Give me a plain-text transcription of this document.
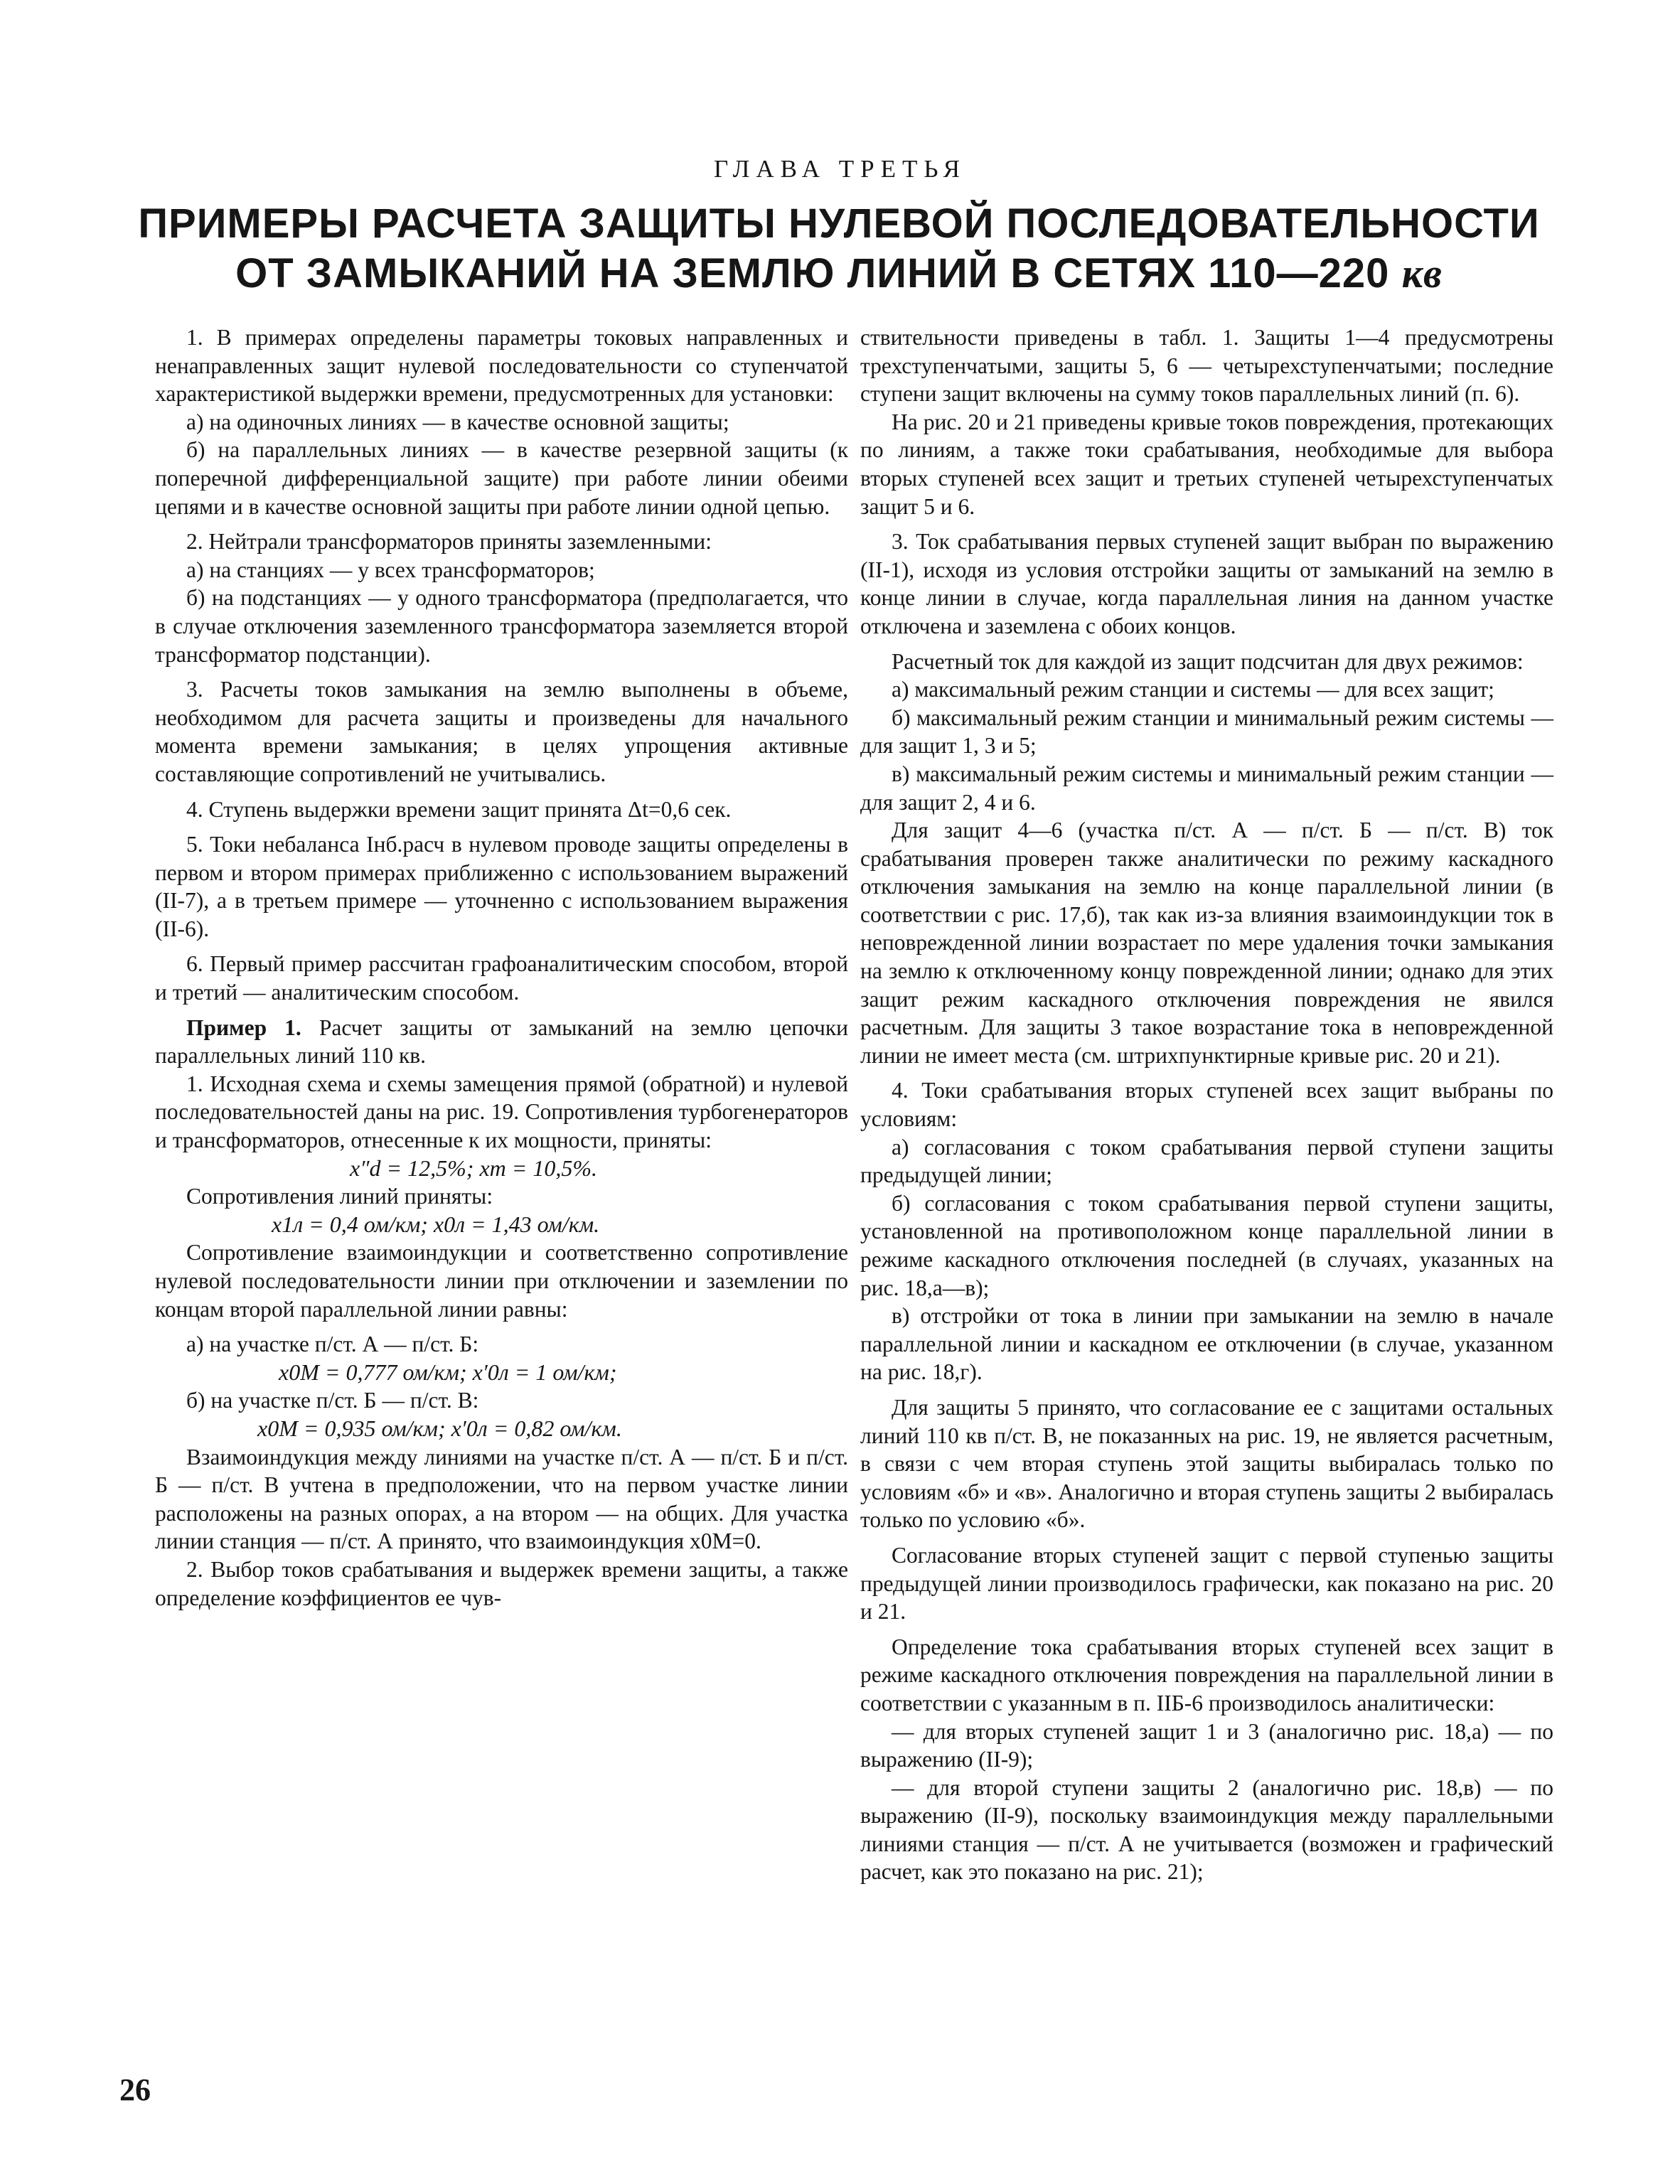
ГЛАВА ТРЕТЬЯ
ПРИМЕРЫ РАСЧЕТА ЗАЩИТЫ НУЛЕВОЙ ПОСЛЕДОВАТЕЛЬНОСТИ
ОТ ЗАМЫКАНИЙ НА ЗЕМЛЮ ЛИНИЙ В СЕТЯХ 110—220 кв

1. В примерах определены параметры токовых направленных и ненаправленных защит нулевой последовательности со ступенчатой характеристикой выдержки времени, предусмотренных для установки:

а) на одиночных линиях — в качестве основной защиты;

б) на параллельных линиях — в качестве резервной защиты (к поперечной дифференциальной защите) при работе линии обеими цепями и в качестве основной защиты при работе линии одной цепью.

2. Нейтрали трансформаторов приняты заземленными:

а) на станциях — у всех трансформаторов;

б) на подстанциях — у одного трансформатора (предполагается, что в случае отключения заземленного трансформатора заземляется второй трансформатор подстанции).

3. Расчеты токов замыкания на землю выполнены в объеме, необходимом для расчета защиты и произведены для начального момента времени замыкания; в целях упрощения активные составляющие сопротивлений не учитывались.

4. Ступень выдержки времени защит принята Δt=0,6 сек.

5. Токи небаланса Iнб.расч в нулевом проводе защиты определены в первом и втором примерах приближенно с использованием выражений (II-7), а в третьем примере — уточненно с использованием выражения (II-6).

6. Первый пример рассчитан графоаналитическим способом, второй и третий — аналитическим способом.

Пример 1. Расчет защиты от замыканий на землю цепочки параллельных линий 110 кв.

1. Исходная схема и схемы замещения прямой (обратной) и нулевой последовательностей даны на рис. 19. Сопротивления турбогенераторов и трансформаторов, отнесенные к их мощности, приняты:

x″d = 12,5%; xт = 10,5%.

Сопротивления линий приняты:

x1л = 0,4 ом/км; x0л = 1,43 ом/км.

Сопротивление взаимоиндукции и соответственно сопротивление нулевой последовательности линии при отключении и заземлении по концам второй параллельной линии равны:

а) на участке п/ст. А — п/ст. Б:

x0M = 0,777 ом/км; x′0л = 1 ом/км;

б) на участке п/ст. Б — п/ст. В:

x0M = 0,935 ом/км; x′0л = 0,82 ом/км.

Взаимоиндукция между линиями на участке п/ст. А — п/ст. Б и п/ст. Б — п/ст. В учтена в предположении, что на первом участке линии расположены на разных опорах, а на втором — на общих. Для участка линии станция — п/ст. А принято, что взаимоиндукция x0M=0.

2. Выбор токов срабатывания и выдержек времени защиты, а также определение коэффициентов ее чув-

ствительности приведены в табл. 1. Защиты 1—4 предусмотрены трехступенчатыми, защиты 5, 6 — четырехступенчатыми; последние ступени защит включены на сумму токов параллельных линий (п. 6).

На рис. 20 и 21 приведены кривые токов повреждения, протекающих по линиям, а также токи срабатывания, необходимые для выбора вторых ступеней всех защит и третьих ступеней четырехступенчатых защит 5 и 6.

3. Ток срабатывания первых ступеней защит выбран по выражению (II-1), исходя из условия отстройки защиты от замыканий на землю в конце линии в случае, когда параллельная линия на данном участке отключена и заземлена с обоих концов.

Расчетный ток для каждой из защит подсчитан для двух режимов:

а) максимальный режим станции и системы — для всех защит;

б) максимальный режим станции и минимальный режим системы — для защит 1, 3 и 5;

в) максимальный режим системы и минимальный режим станции — для защит 2, 4 и 6.

Для защит 4—6 (участка п/ст. А — п/ст. Б — п/ст. В) ток срабатывания проверен также аналитически по режиму каскадного отключения замыкания на землю на конце параллельной линии (в соответствии с рис. 17,б), так как из-за влияния взаимоиндукции ток в неповрежденной линии возрастает по мере удаления точки замыкания на землю к отключенному концу поврежденной линии; однако для этих защит режим каскадного отключения повреждения не явился расчетным. Для защиты 3 такое возрастание тока в неповрежденной линии не имеет места (см. штрихпунктирные кривые рис. 20 и 21).

4. Токи срабатывания вторых ступеней всех защит выбраны по условиям:

а) согласования с током срабатывания первой ступени защиты предыдущей линии;

б) согласования с током срабатывания первой ступени защиты, установленной на противоположном конце параллельной линии в режиме каскадного отключения последней (в случаях, указанных на рис. 18,а—в);

в) отстройки от тока в линии при замыкании на землю в начале параллельной линии и каскадном ее отключении (в случае, указанном на рис. 18,г).

Для защиты 5 принято, что согласование ее с защитами остальных линий 110 кв п/ст. В, не показанных на рис. 19, не является расчетным, в связи с чем вторая ступень этой защиты выбиралась только по условиям «б» и «в». Аналогично и вторая ступень защиты 2 выбиралась только по условию «б».

Согласование вторых ступеней защит с первой ступенью защиты предыдущей линии производилось графически, как показано на рис. 20 и 21.

Определение тока срабатывания вторых ступеней всех защит в режиме каскадного отключения повреждения на параллельной линии в соответствии с указанным в п. IIБ-6 производилось аналитически:

— для вторых ступеней защит 1 и 3 (аналогично рис. 18,а) — по выражению (II-9);

— для второй ступени защиты 2 (аналогично рис. 18,в) — по выражению (II-9), поскольку взаимоиндукция между параллельными линиями станция — п/ст. А не учитывается (возможен и графический расчет, как это показано на рис. 21);

26
